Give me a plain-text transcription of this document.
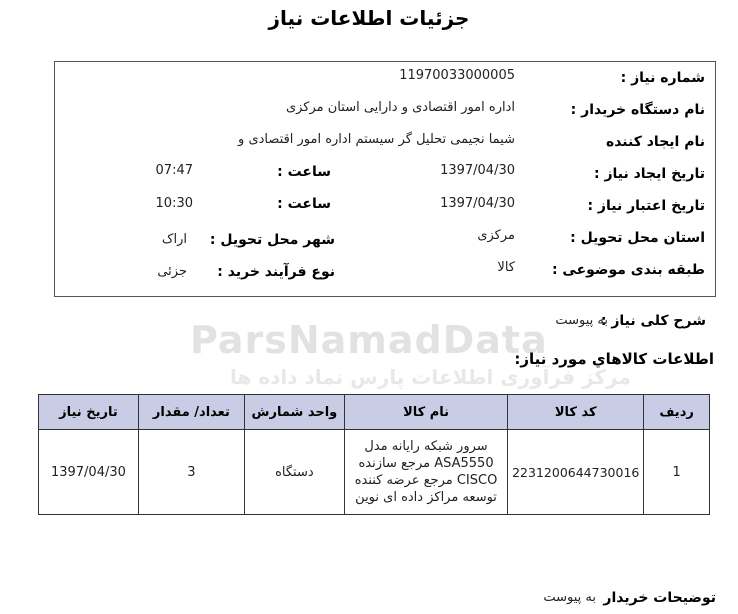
جزئیات اطلاعات نیاز
ParsNamadData
مرکز فرآوری اطلاعات پارس نماد داده ها
شماره نیاز :
11970033000005
نام دستگاه خریدار :
اداره امور اقتصادی و دارایی استان مرکزی
نام ایجاد کننده
شیما نجیمی تحلیل گر سیستم اداره امور اقتصادی و
تاریخ ایجاد نیاز :
1397/04/30
ساعت :
07:47
تاریخ اعتبار نیاز :
1397/04/30
ساعت :
10:30
استان محل تحویل :
مرکزی
شهر محل تحویل :
اراک
طبقه بندی موضوعی :
کالا
نوع فرآیند خرید :
جزئی
شرح کلی نیاز :
به پیوست
اطلاعات كالاهاي مورد نياز:
ردیف	کد کالا	نام کالا	واحد شمارش	تعداد/ مقدار	تاریخ نیاز
1	2231200644730016	سرور شبکه رایانه مدل ASA5550 مرجع سازنده CISCO مرجع عرضه کننده توسعه مراکز داده ای نوین	دستگاه	3	1397/04/30
توضیحات خریدار
به پیوست
